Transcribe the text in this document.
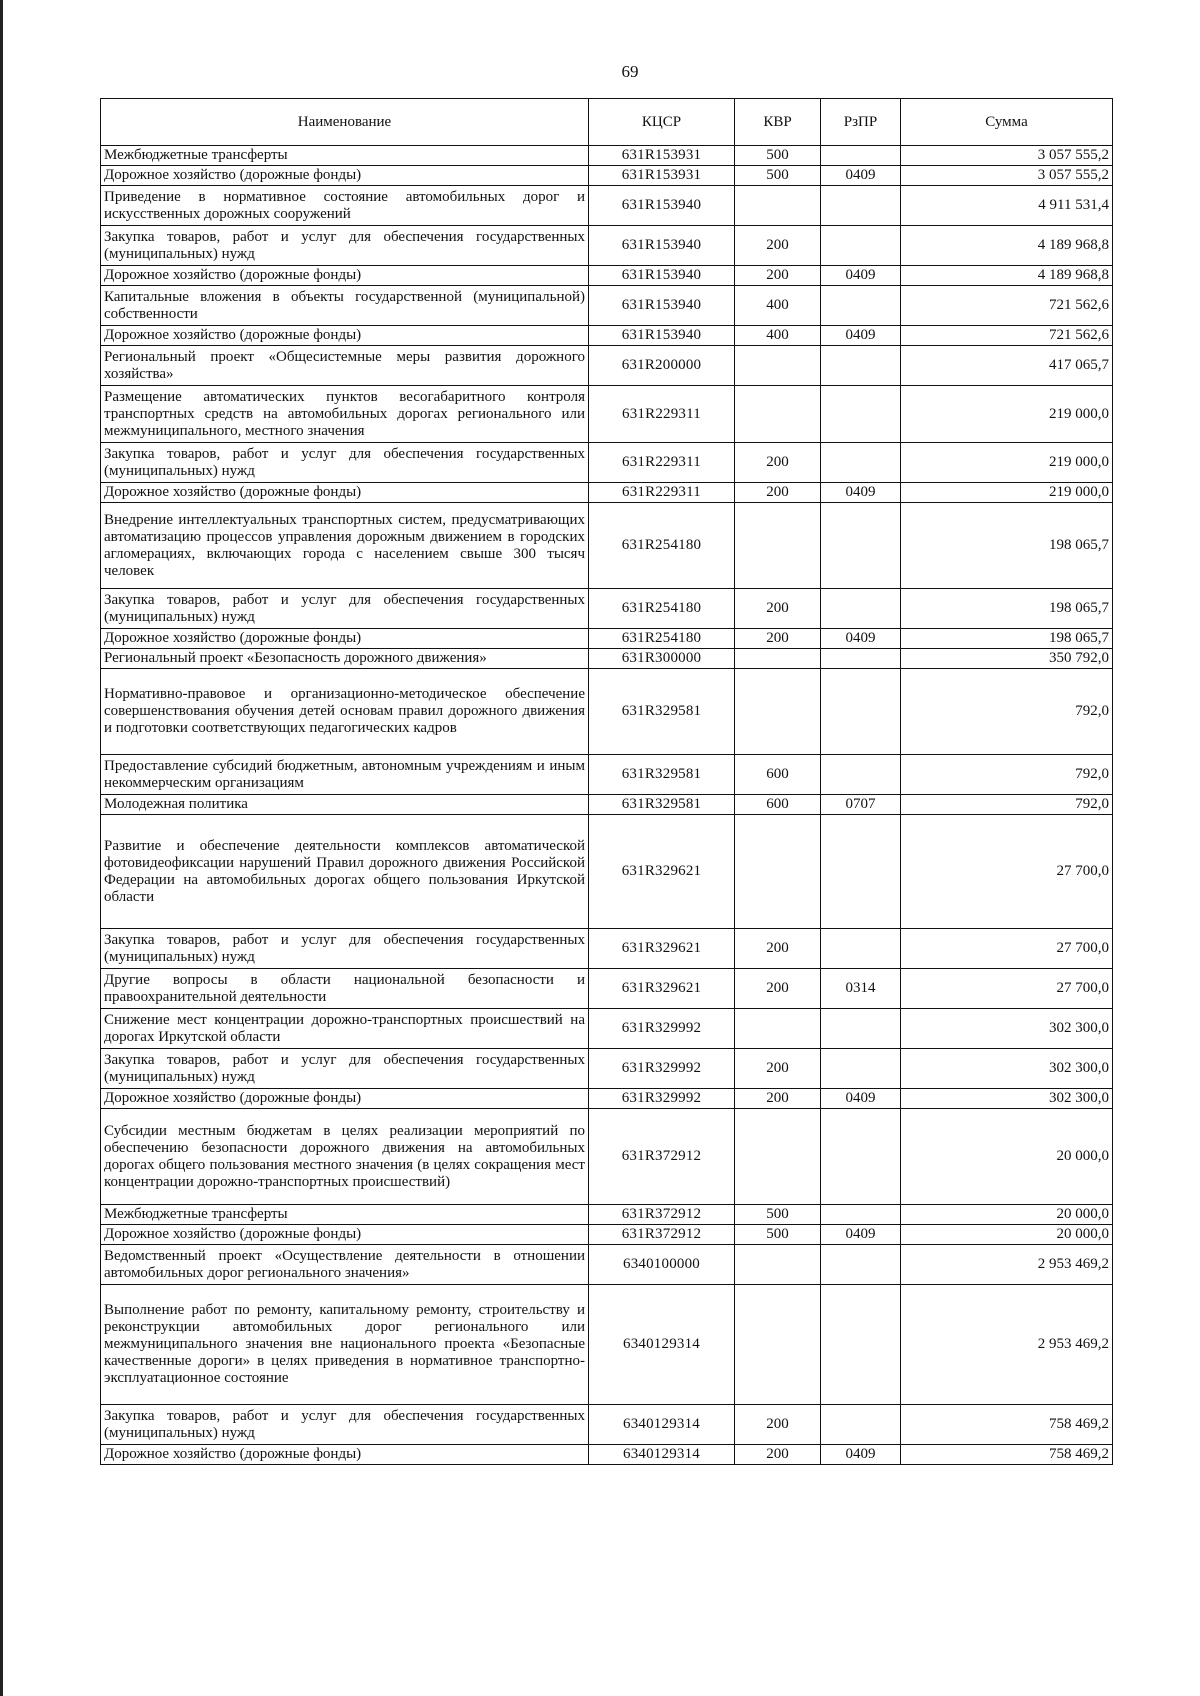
69
Наименование	КЦСР	КВР	РзПР	Сумма
Межбюджетные трансферты	631R153931	500		3 057 555,2
Дорожное хозяйство (дорожные фонды)	631R153931	500	0409	3 057 555,2
Приведение в нормативное состояние автомобильных дорог и искусственных дорожных сооружений	631R153940			4 911 531,4
Закупка товаров, работ и услуг для обеспечения государственных (муниципальных) нужд	631R153940	200		4 189 968,8
Дорожное хозяйство (дорожные фонды)	631R153940	200	0409	4 189 968,8
Капитальные вложения в объекты государственной (муниципальной) собственности	631R153940	400		721 562,6
Дорожное хозяйство (дорожные фонды)	631R153940	400	0409	721 562,6
Региональный проект «Общесистемные меры развития дорожного хозяйства»	631R200000			417 065,7
Размещение автоматических пунктов весогабаритного контроля транспортных средств на автомобильных дорогах регионального или межмуниципального, местного значения	631R229311			219 000,0
Закупка товаров, работ и услуг для обеспечения государственных (муниципальных) нужд	631R229311	200		219 000,0
Дорожное хозяйство (дорожные фонды)	631R229311	200	0409	219 000,0
Внедрение интеллектуальных транспортных систем, предусматривающих автоматизацию процессов управления дорожным движением в городских агломерациях, включающих города с населением свыше 300 тысяч человек	631R254180			198 065,7
Закупка товаров, работ и услуг для обеспечения государственных (муниципальных) нужд	631R254180	200		198 065,7
Дорожное хозяйство (дорожные фонды)	631R254180	200	0409	198 065,7
Региональный проект «Безопасность дорожного движения»	631R300000			350 792,0
Нормативно-правовое и организационно-методическое обеспечение совершенствования обучения детей основам правил дорожного движения и подготовки соответствующих педагогических кадров	631R329581			792,0
Предоставление субсидий бюджетным, автономным учреждениям и иным некоммерческим организациям	631R329581	600		792,0
Молодежная политика	631R329581	600	0707	792,0
Развитие и обеспечение деятельности комплексов автоматической фотовидеофиксации нарушений Правил дорожного движения Российской Федерации на автомобильных дорогах общего пользования Иркутской области	631R329621			27 700,0
Закупка товаров, работ и услуг для обеспечения государственных (муниципальных) нужд	631R329621	200		27 700,0
Другие вопросы в области национальной безопасности и правоохранительной деятельности	631R329621	200	0314	27 700,0
Снижение мест концентрации дорожно-транспортных происшествий на дорогах Иркутской области	631R329992			302 300,0
Закупка товаров, работ и услуг для обеспечения государственных (муниципальных) нужд	631R329992	200		302 300,0
Дорожное хозяйство (дорожные фонды)	631R329992	200	0409	302 300,0
Субсидии местным бюджетам в целях реализации мероприятий по обеспечению безопасности дорожного движения на автомобильных дорогах общего пользования местного значения (в целях сокращения мест концентрации дорожно-транспортных происшествий)	631R372912			20 000,0
Межбюджетные трансферты	631R372912	500		20 000,0
Дорожное хозяйство (дорожные фонды)	631R372912	500	0409	20 000,0
Ведомственный проект «Осуществление деятельности в отношении автомобильных дорог регионального значения»	6340100000			2 953 469,2
Выполнение работ по ремонту, капитальному ремонту, строительству и реконструкции автомобильных дорог регионального или межмуниципального значения вне национального проекта «Безопасные качественные дороги» в целях приведения в нормативное транспортно-эксплуатационное состояние	6340129314			2 953 469,2
Закупка товаров, работ и услуг для обеспечения государственных (муниципальных) нужд	6340129314	200		758 469,2
Дорожное хозяйство (дорожные фонды)	6340129314	200	0409	758 469,2
